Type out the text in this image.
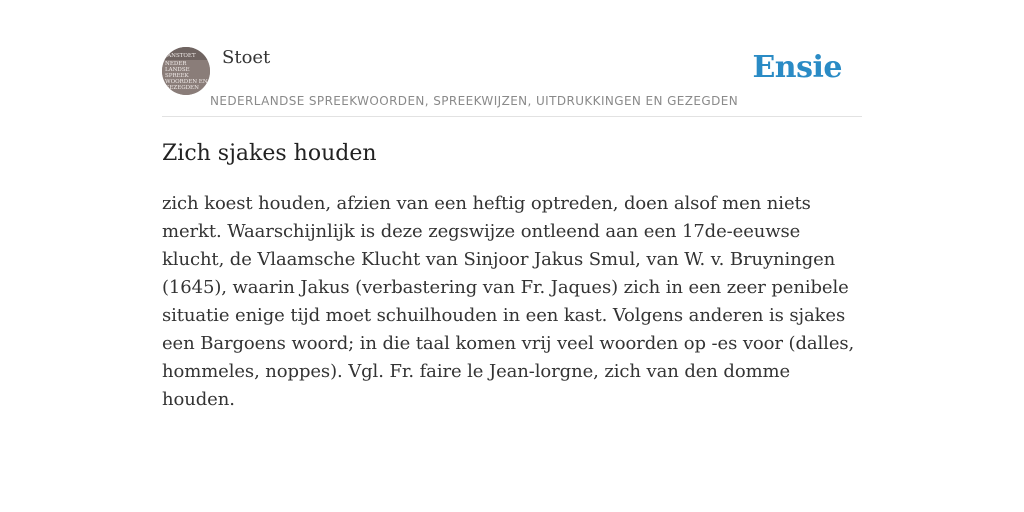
JANSTOET
NEDER
LANDSE
SPREEK
WOORDEN EN
GEZEGDEN
Stoet
NEDERLANDSE SPREEKWOORDEN, SPREEKWIJZEN, UITDRUKKINGEN EN GEZEGDEN
Ensie
Zich sjakes houden

zich koest houden, afzien van een heftig optreden, doen alsof men niets merkt. Waarschijnlijk is deze zegswijze ontleend aan een 17de-eeuwse klucht, de Vlaamsche Klucht van Sinjoor Jakus Smul, van W. v. Bruyningen (1645), waarin Jakus (verbastering van Fr. Jaques) zich in een zeer penibele situatie enige tijd moet schuilhouden in een kast. Volgens anderen is sjakes een Bargoens woord; in die taal komen vrij veel woorden op -es voor (dalles, hommeles, noppes). Vgl. Fr. faire le Jean-lorgne, zich van den domme houden.
